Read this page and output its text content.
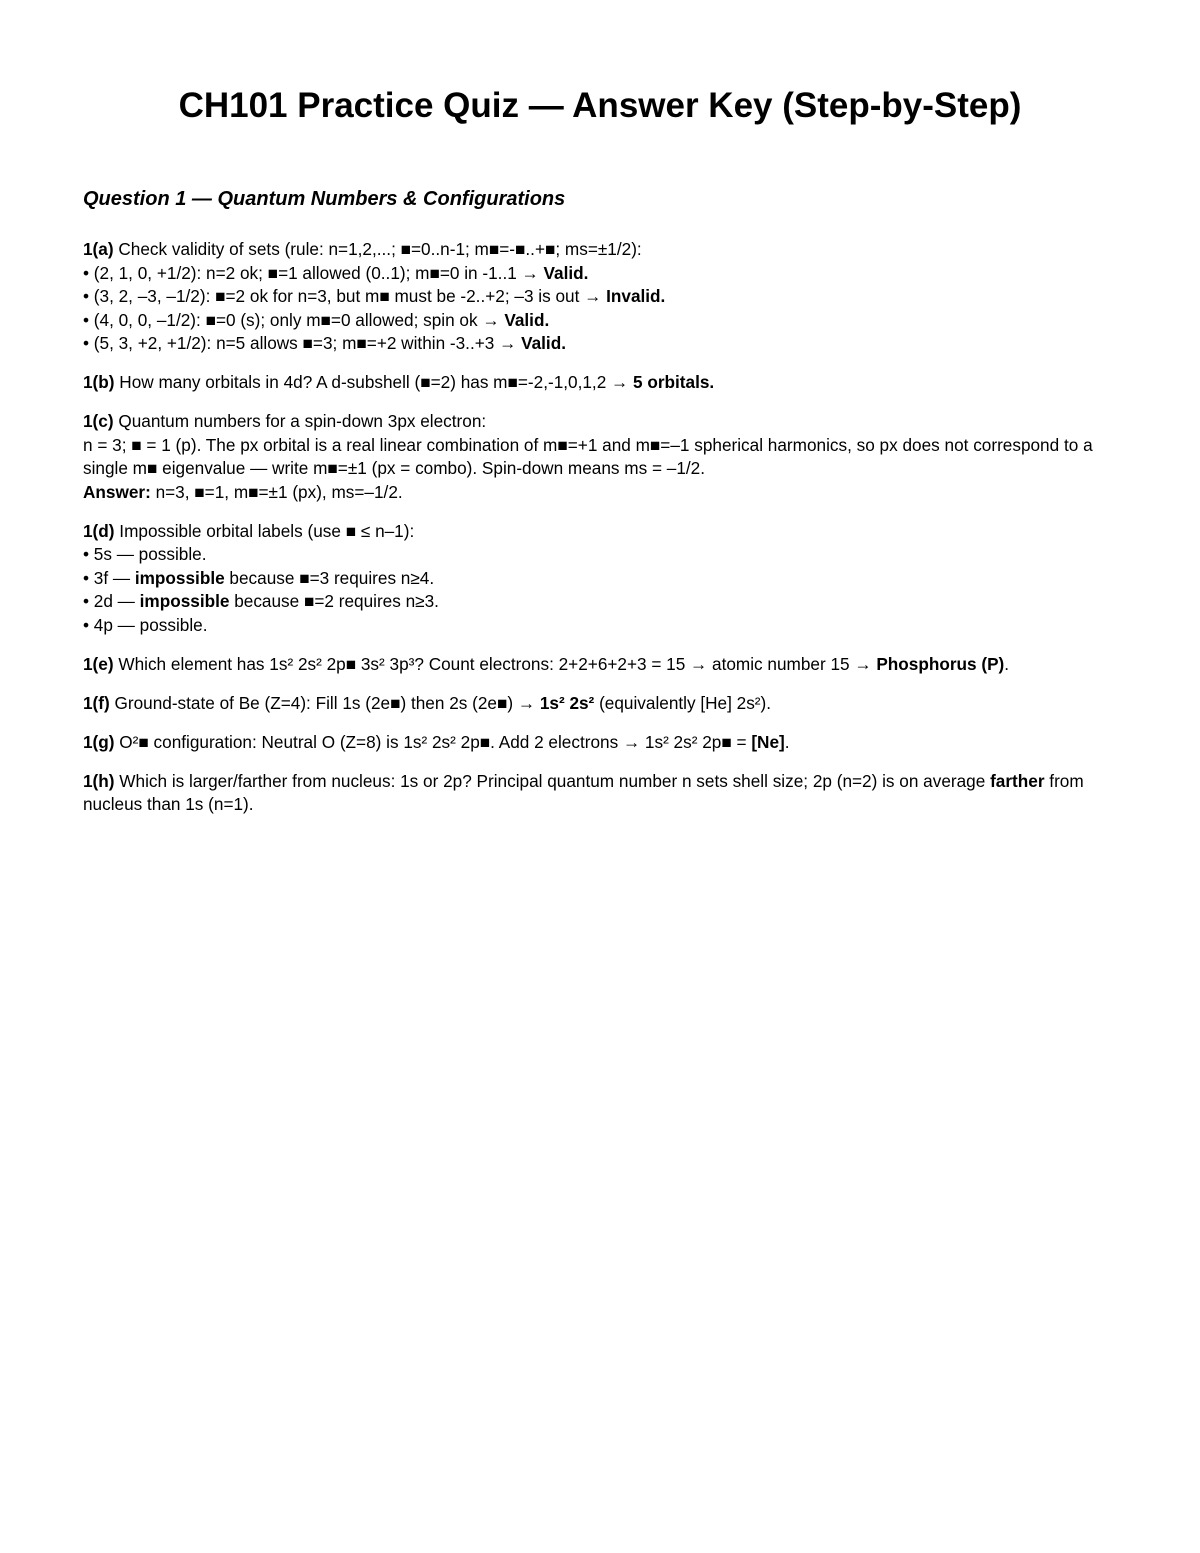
CH101 Practice Quiz — Answer Key (Step-by-Step)
Question 1 — Quantum Numbers & Configurations
1(a) Check validity of sets (rule: n=1,2,...; ■=0..n-1; m■=-■..+■; ms=±1/2):
• (2, 1, 0, +1/2): n=2 ok; ■=1 allowed (0..1); m■=0 in -1..1 → Valid.
• (3, 2, –3, –1/2): ■=2 ok for n=3, but m■ must be -2..+2; –3 is out → Invalid.
• (4, 0, 0, –1/2): ■=0 (s); only m■=0 allowed; spin ok → Valid.
• (5, 3, +2, +1/2): n=5 allows ■=3; m■=+2 within -3..+3 → Valid.
1(b) How many orbitals in 4d? A d-subshell (■=2) has m■=-2,-1,0,1,2 → 5 orbitals.
1(c) Quantum numbers for a spin-down 3px electron:
n = 3; ■ = 1 (p). The px orbital is a real linear combination of m■=+1 and m■=–1 spherical harmonics, so px does not correspond to a single m■ eigenvalue — write m■=±1 (px = combo). Spin-down means ms = –1/2.
Answer: n=3, ■=1, m■=±1 (px), ms=–1/2.
1(d) Impossible orbital labels (use ■ ≤ n–1):
• 5s — possible.
• 3f — impossible because ■=3 requires n≥4.
• 2d — impossible because ■=2 requires n≥3.
• 4p — possible.
1(e) Which element has 1s² 2s² 2p■ 3s² 3p³? Count electrons: 2+2+6+2+3 = 15 → atomic number 15 → Phosphorus (P).
1(f) Ground-state of Be (Z=4): Fill 1s (2e■) then 2s (2e■) → 1s² 2s² (equivalently [He] 2s²).
1(g) O²■ configuration: Neutral O (Z=8) is 1s² 2s² 2p■. Add 2 electrons → 1s² 2s² 2p■ = [Ne].
1(h) Which is larger/farther from nucleus: 1s or 2p? Principal quantum number n sets shell size; 2p (n=2) is on average farther from nucleus than 1s (n=1).
